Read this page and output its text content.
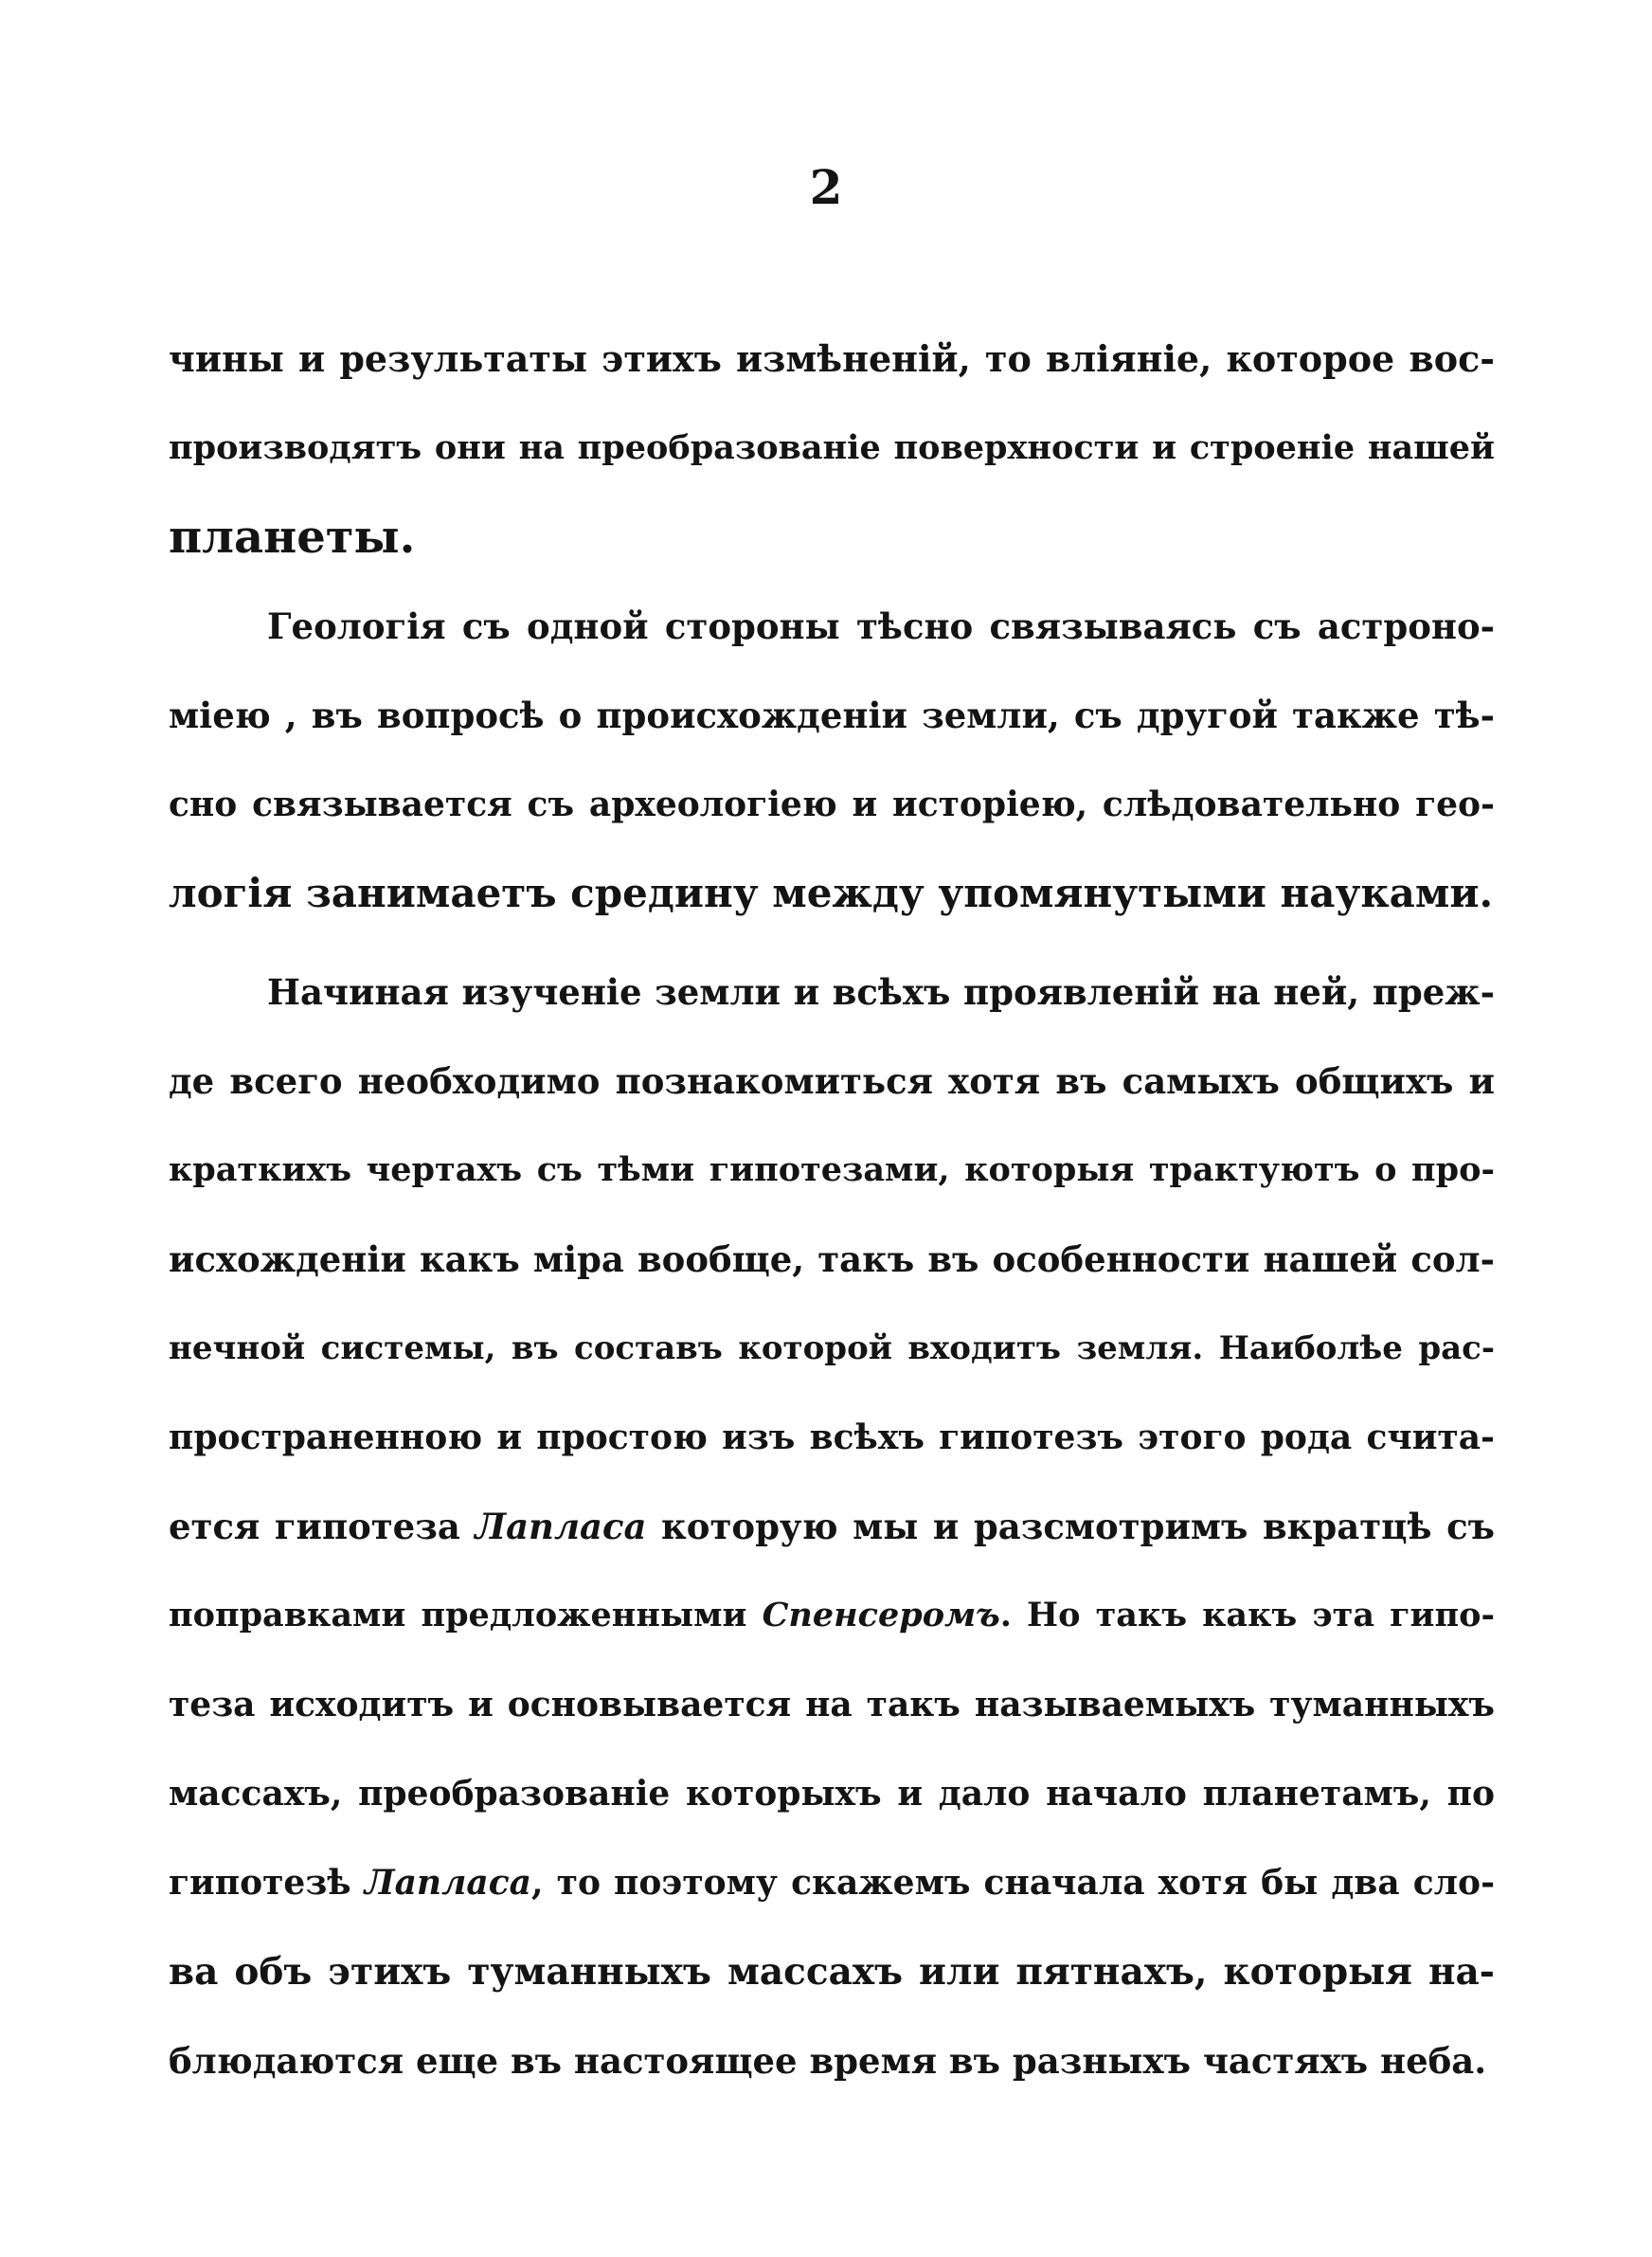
2
чины и результаты этихъ измѣненій, то вліяніе, которое вос-
производятъ они на преобразованіе поверхности и строеніе нашей
планеты.
Геологія съ одной стороны тѣсно связываясь съ астроно-
міею , въ вопросѣ о происхожденіи земли, съ другой также тѣ-
сно связывается съ археологіею и исторіею, слѣдовательно гео-
логія занимаетъ средину между упомянутыми науками.
Начиная изученіе земли и всѣхъ проявленій на ней, преж-
де всего необходимо познакомиться хотя въ самыхъ общихъ и
краткихъ чертахъ съ тѣми гипотезами, которыя трактуютъ о про-
исхожденіи какъ міра вообще, такъ въ особенности нашей сол-
нечной системы, въ составъ которой входитъ земля. Наиболѣе рас-
пространенною и простою изъ всѣхъ гипотезъ этого рода счита-
ется гипотеза Лапласа которую мы и разсмотримъ вкратцѣ съ
поправками предложенными Спенсеромъ. Но такъ какъ эта гипо-
теза исходитъ и основывается на такъ называемыхъ туманныхъ
массахъ, преобразованіе которыхъ и дало начало планетамъ, по
гипотезѣ Лапласа, то поэтому скажемъ сначала хотя бы два сло-
ва объ этихъ туманныхъ массахъ или пятнахъ, которыя на-
блюдаются еще въ настоящее время въ разныхъ частяхъ неба.
